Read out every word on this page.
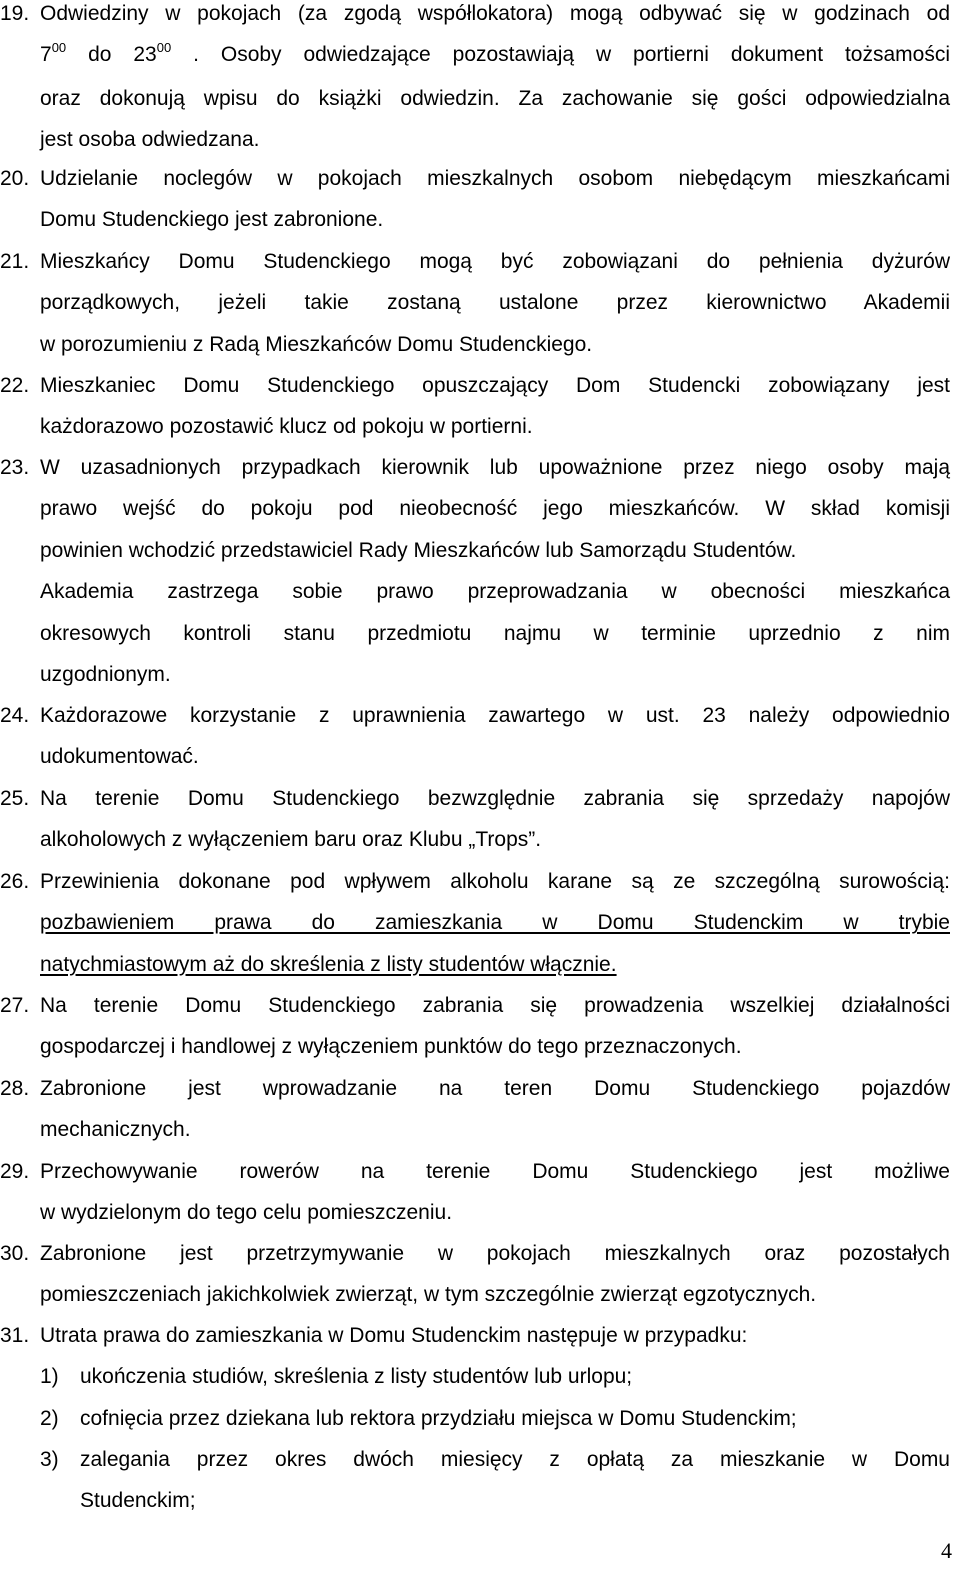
19. Odwiedziny w pokojach (za zgodą współlokatora) mogą odbywać się w godzinach od
$7^{00}$ do $23^{00}$ . Osoby odwiedzające pozostawiają w portierni dokument tożsamości
oraz dokonują wpisu do książki odwiedzin. Za zachowanie się gości odpowiedzialna
jest osoba odwiedzana.
20. Udzielanie noclegów w pokojach mieszkalnych osobom niebędącym mieszkańcami
Domu Studenckiego jest zabronione.
21. Mieszkańcy Domu Studenckiego mogą być zobowiązani do pełnienia dyżurów
porządkowych, jeżeli takie zostaną ustalone przez kierownictwo Akademii
w porozumieniu z Radą Mieszkańców Domu Studenckiego.
22. Mieszkaniec Domu Studenckiego opuszczający Dom Studencki zobowiązany jest
każdorazowo pozostawić klucz od pokoju w portierni.
23. W uzasadnionych przypadkach kierownik lub upoważnione przez niego osoby mają
prawo wejść do pokoju pod nieobecność jego mieszkańców. W skład komisji
powinien wchodzić przedstawiciel Rady Mieszkańców lub Samorządu Studentów.
Akademia zastrzega sobie prawo przeprowadzania w obecności mieszkańca
okresowych kontroli stanu przedmiotu najmu w terminie uprzednio z nim
uzgodnionym.
24. Każdorazowe korzystanie z uprawnienia zawartego w ust. 23 należy odpowiednio
udokumentować.
25. Na terenie Domu Studenckiego bezwzględnie zabrania się sprzedaży napojów
alkoholowych z wyłączeniem baru oraz Klubu „Trops”.
26. Przewinienia dokonane pod wpływem alkoholu karane są ze szczególną surowością:
pozbawieniem prawa do zamieszkania w Domu Studenckim w trybie
natychmiastowym aż do skreślenia z listy studentów włącznie.
27. Na terenie Domu Studenckiego zabrania się prowadzenia wszelkiej działalności
gospodarczej i handlowej z wyłączeniem punktów do tego przeznaczonych.
28. Zabronione jest wprowadzanie na teren Domu Studenckiego pojazdów
mechanicznych.
29. Przechowywanie rowerów na terenie Domu Studenckiego jest możliwe
w wydzielonym do tego celu pomieszczeniu.
30. Zabronione jest przetrzymywanie w pokojach mieszkalnych oraz pozostałych
pomieszczeniach jakichkolwiek zwierząt, w tym szczególnie zwierząt egzotycznych.
31. Utrata prawa do zamieszkania w Domu Studenckim następuje w przypadku:
1)	ukończenia studiów, skreślenia z listy studentów lub urlopu;
2)	cofnięcia przez dziekana lub rektora przydziału miejsca w Domu Studenckim;
3)	zalegania przez okres dwóch miesięcy z opłatą za mieszkanie w Domu
Studenckim;
4
